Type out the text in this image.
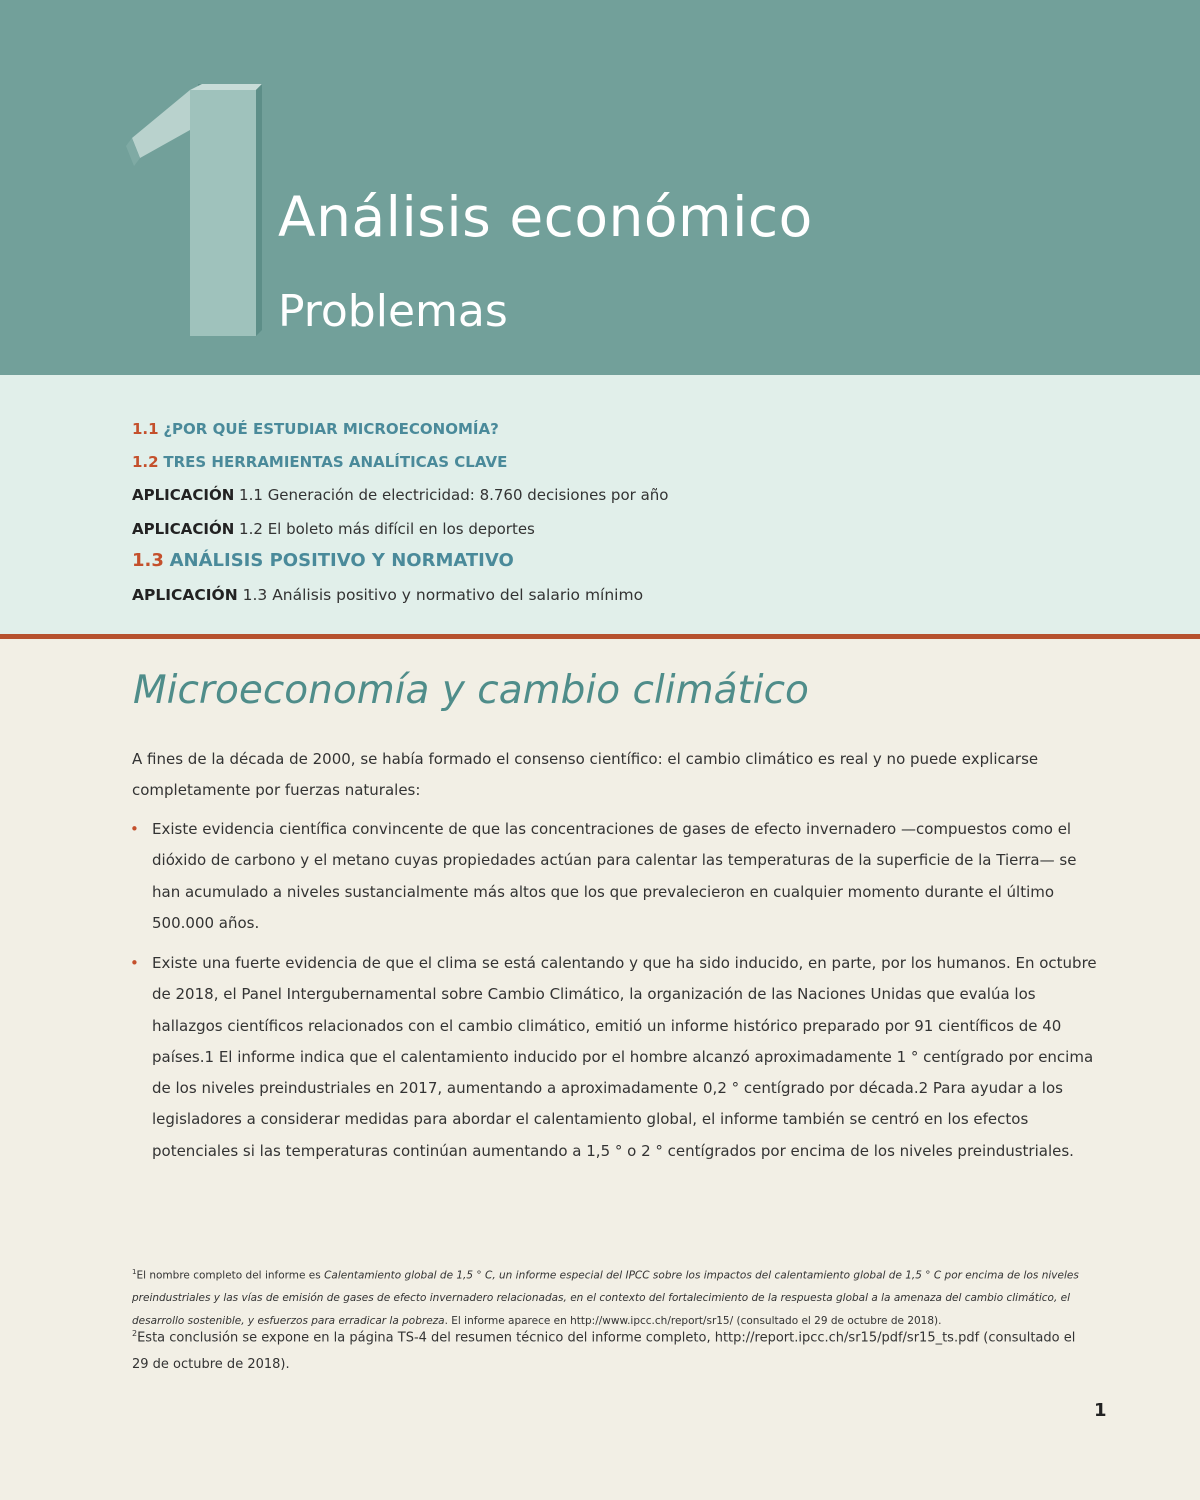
1
Análisis económico
Problemas
1.1 ¿POR QUÉ ESTUDIAR MICROECONOMÍA?
1.2 TRES HERRAMIENTAS ANALÍTICAS CLAVE
APLICACIÓN 1.1 Generación de electricidad: 8.760 decisiones por año
APLICACIÓN 1.2 El boleto más difícil en los deportes
1.3 ANÁLISIS POSITIVO Y NORMATIVO
APLICACIÓN 1.3 Análisis positivo y normativo del salario mínimo
Microeconomía y cambio climático
A fines de la década de 2000, se había formado el consenso científico: el cambio climático es real y no puede explicarse completamente por fuerzas naturales:
• Existe evidencia científica convincente de que las concentraciones de gases de efecto invernadero —compuestos como el dióxido de carbono y el metano cuyas propiedades actúan para calentar las temperaturas de la superficie de la Tierra— se han acumulado a niveles sustancialmente más altos que los que prevalecieron en cualquier momento durante el último 500.000 años.
• Existe una fuerte evidencia de que el clima se está calentando y que ha sido inducido, en parte, por los humanos. En octubre de 2018, el Panel Intergubernamental sobre Cambio Climático, la organización de las Naciones Unidas que evalúa los hallazgos científicos relacionados con el cambio climático, emitió un informe histórico preparado por 91 científicos de 40 países.1 El informe indica que el calentamiento inducido por el hombre alcanzó aproximadamente 1 ° centígrado por encima de los niveles preindustriales en 2017, aumentando a aproximadamente 0,2 ° centígrado por década.2 Para ayudar a los legisladores a considerar medidas para abordar el calentamiento global, el informe también se centró en los efectos potenciales si las temperaturas continúan aumentando a 1,5 ° o 2 ° centígrados por encima de los niveles preindustriales.
$^1$El nombre completo del informe es Calentamiento global de 1,5 ° C, un informe especial del IPCC sobre los impactos del calentamiento global de 1,5 ° C por encima de los niveles preindustriales y las vías de emisión de gases de efecto invernadero relacionadas, en el contexto del fortalecimiento de la respuesta global a la amenaza del cambio climático, el desarrollo sostenible, y esfuerzos para erradicar la pobreza. El informe aparece en http://www.ipcc.ch/report/sr15/ (consultado el 29 de octubre de 2018).
$^2$Esta conclusión se expone en la página TS-4 del resumen técnico del informe completo, http://report.ipcc.ch/sr15/pdf/sr15_ts.pdf (consultado el 29 de octubre de 2018).
1
